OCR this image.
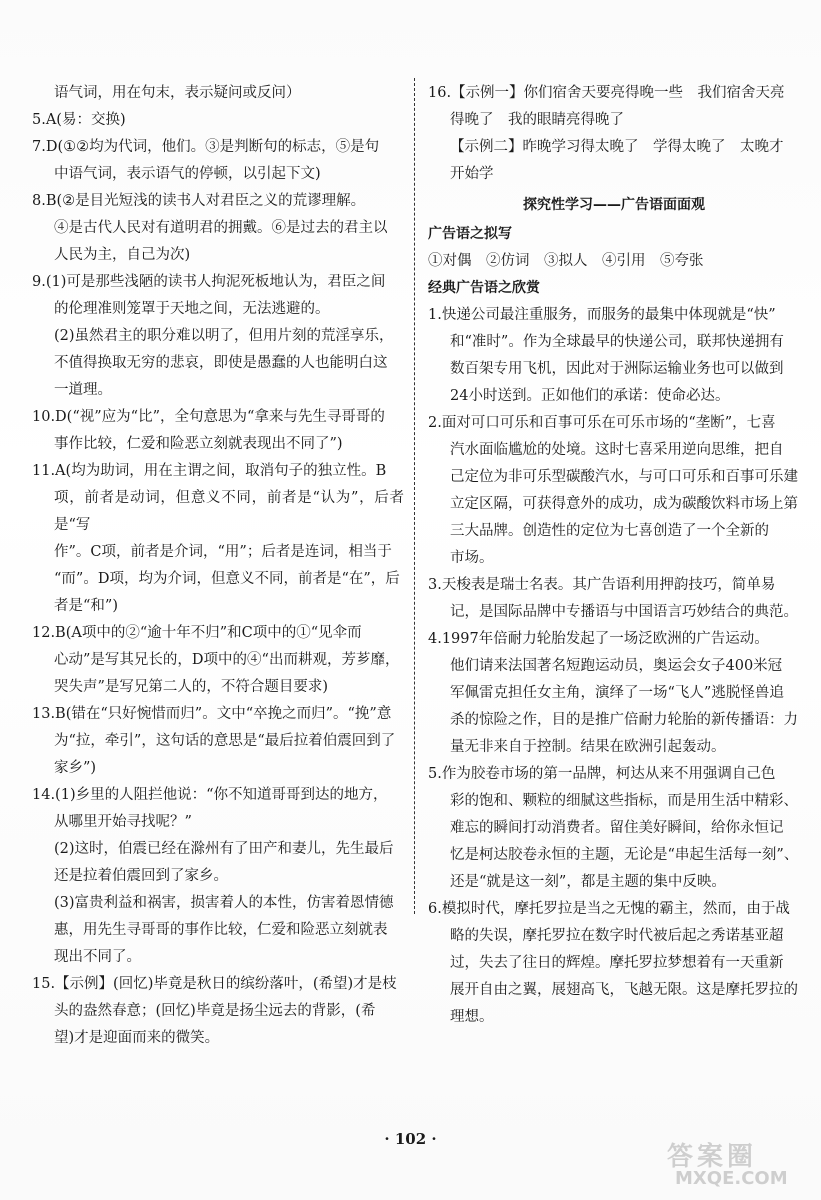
语气词，用在句末，表示疑问或反问）
5.A(易：交换)
7.D(①②均为代词，他们。③是判断句的标志，⑤是句
中语气词，表示语气的停顿，以引起下文)
8.B(②是目光短浅的读书人对君臣之义的荒谬理解。
④是古代人民对有道明君的拥戴。⑥是过去的君主以
人民为主，自己为次)
9.(1)可是那些浅陋的读书人拘泥死板地认为，君臣之间
的伦理准则笼罩于天地之间，无法逃避的。
(2)虽然君主的职分难以明了，但用片刻的荒淫享乐，
不值得换取无穷的悲哀，即使是愚蠢的人也能明白这
一道理。
10.D(“视”应为“比”，全句意思为“拿来与先生寻哥哥的
事作比较，仁爱和险恶立刻就表现出不同了”)
11.A(均为助词，用在主谓之间，取消句子的独立性。B
项，前者是动词，但意义不同，前者是“认为”，后者是“写
作”。C项，前者是介词，“用”；后者是连词，相当于
“而”。D项，均为介词，但意义不同，前者是“在”，后
者是“和”)
12.B(A项中的②“逾十年不归”和C项中的①“见伞而
心动”是写其兄长的，D项中的④“出而耕观，芳芗靡，
哭失声”是写兄第二人的，不符合题目要求)
13.B(错在“只好惋惜而归”。文中“卒挽之而归”。“挽”意
为“拉，牵引”，这句话的意思是“最后拉着伯震回到了
家乡”)
14.(1)乡里的人阻拦他说：“你不知道哥哥到达的地方，
从哪里开始寻找呢？”
(2)这时，伯震已经在滁州有了田产和妻儿，先生最后
还是拉着伯震回到了家乡。
(3)富贵利益和祸害，损害着人的本性，仿害着恩情德
惠，用先生寻哥哥的事作比较，仁爱和险恶立刻就表
现出不同了。
15.【示例】(回忆)毕竟是秋日的缤纷落叶，(希望)才是枝
头的盎然春意；(回忆)毕竟是扬尘远去的背影，(希
望)才是迎面而来的微笑。
16.【示例一】你们宿舍天要亮得晚一些　我们宿舍天亮
得晚了　我的眼睛亮得晚了
【示例二】昨晚学习得太晚了　学得太晚了　太晚才
开始学
探究性学习——广告语面面观
广告语之拟写
①对偶　②仿词　③拟人　④引用　⑤夸张
经典广告语之欣赏
1.快递公司最注重服务，而服务的最集中体现就是“快”
和“准时”。作为全球最早的快递公司，联邦快递拥有
数百架专用飞机，因此对于洲际运输业务也可以做到
24小时送到。正如他们的承诺：使命必达。
2.面对可口可乐和百事可乐在可乐市场的“垄断”，七喜
汽水面临尴尬的处境。这时七喜采用逆向思维，把自
己定位为非可乐型碳酸汽水，与可口可乐和百事可乐建
立定区隔，可获得意外的成功，成为碳酸饮料市场上第
三大品牌。创造性的定位为七喜创造了一个全新的
市场。
3.天梭表是瑞士名表。其广告语利用押韵技巧，简单易
记，是国际品牌中专播语与中国语言巧妙结合的典范。
4.1997年倍耐力轮胎发起了一场泛欧洲的广告运动。
他们请来法国著名短跑运动员，奥运会女子400米冠
军佩雷克担任女主角，演绎了一场“飞人”逃脱怪兽追
杀的惊险之作，目的是推广倍耐力轮胎的新传播语：力
量无非来自于控制。结果在欧洲引起轰动。
5.作为胶卷市场的第一品牌，柯达从来不用强调自己色
彩的饱和、颗粒的细腻这些指标，而是用生活中精彩、
难忘的瞬间打动消费者。留住美好瞬间，给你永恒记
忆是柯达胶卷永恒的主题，无论是“串起生活每一刻”、
还是“就是这一刻”，都是主题的集中反映。
6.模拟时代，摩托罗拉是当之无愧的霸主，然而，由于战
略的失误，摩托罗拉在数字时代被后起之秀诺基亚超
过，失去了往日的辉煌。摩托罗拉梦想着有一天重新
展开自由之翼，展翅高飞，飞越无限。这是摩托罗拉的
理想。
· 102 ·
答案圈
MXQE.COM
